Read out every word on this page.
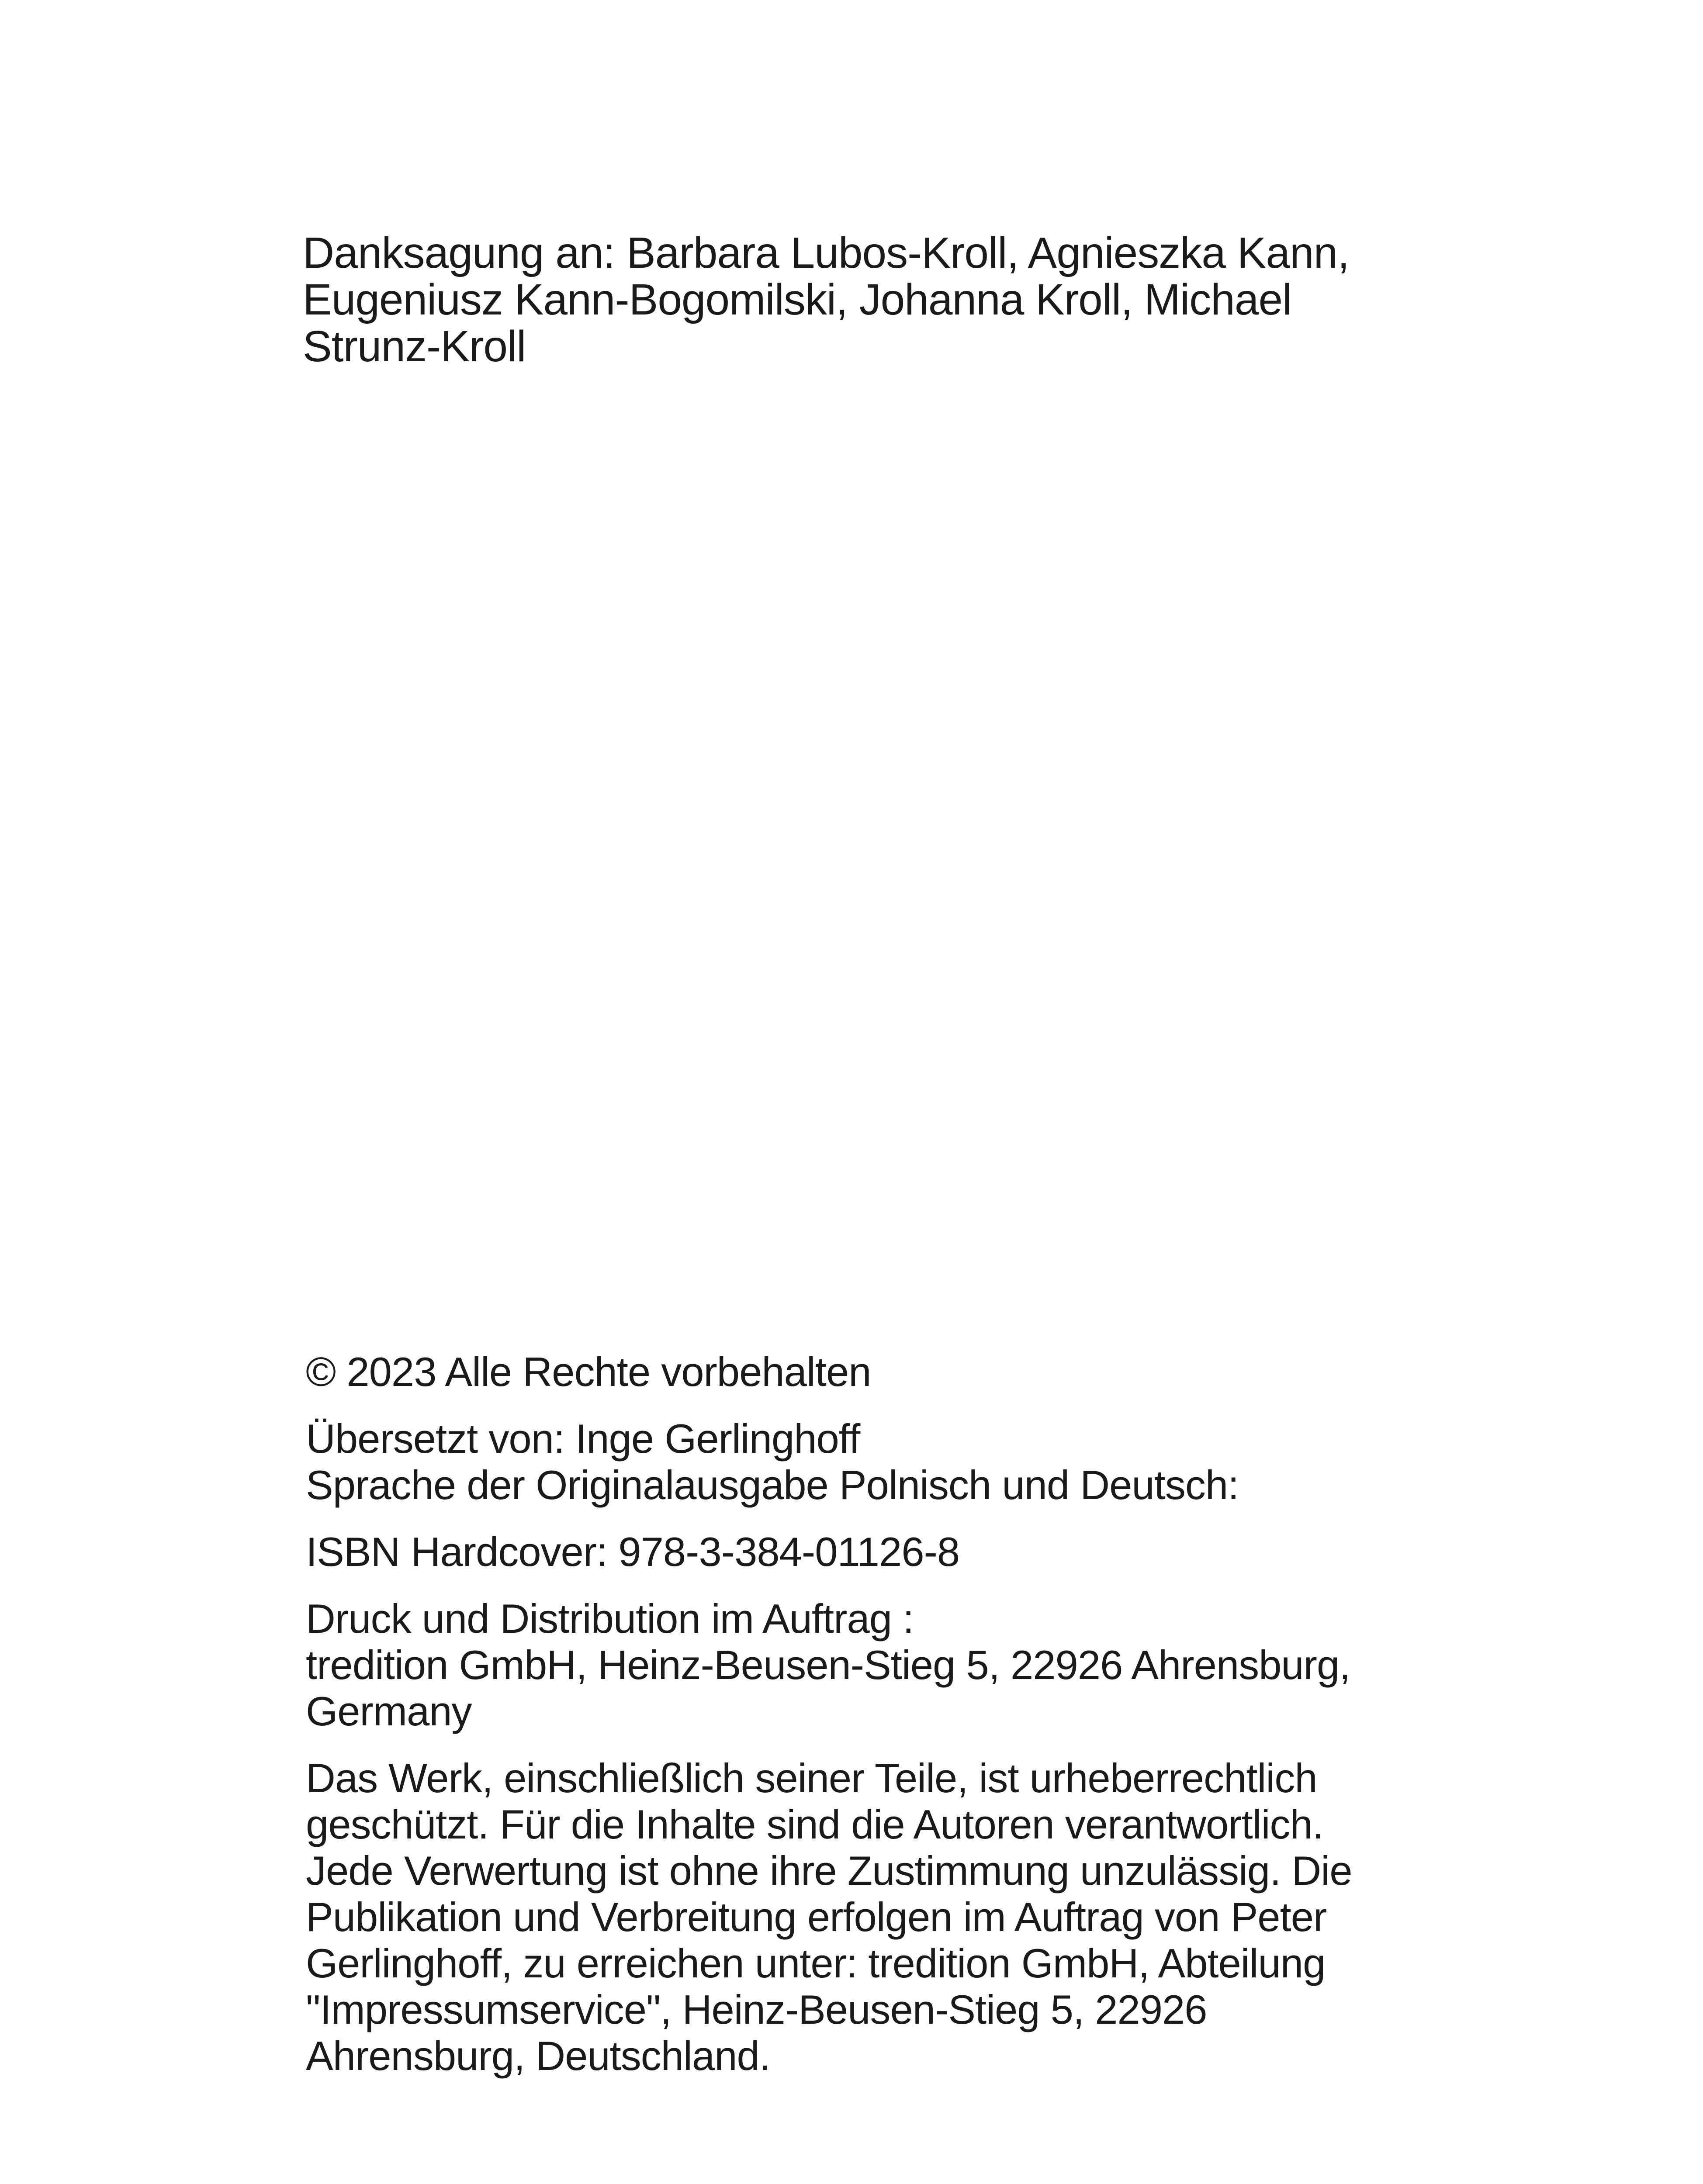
Danksagung an: Barbara Lubos-Kroll, Agnieszka Kann,
Eugeniusz Kann-Bogomilski, Johanna Kroll, Michael
Strunz-Kroll

© 2023 Alle Rechte vorbehalten

Übersetzt von: Inge Gerlinghoff
Sprache der Originalausgabe Polnisch und Deutsch:

ISBN Hardcover: 978-3-384-01126-8

Druck und Distribution im Auftrag :
tredition GmbH, Heinz-Beusen-Stieg 5, 22926 Ahrensburg,
Germany

Das Werk, einschließlich seiner Teile, ist urheberrechtlich
geschützt. Für die Inhalte sind die Autoren verantwortlich.
Jede Verwertung ist ohne ihre Zustimmung unzulässig. Die
Publikation und Verbreitung erfolgen im Auftrag von Peter
Gerlinghoff, zu erreichen unter: tredition GmbH, Abteilung
"Impressumservice", Heinz-Beusen-Stieg 5, 22926
Ahrensburg, Deutschland.
